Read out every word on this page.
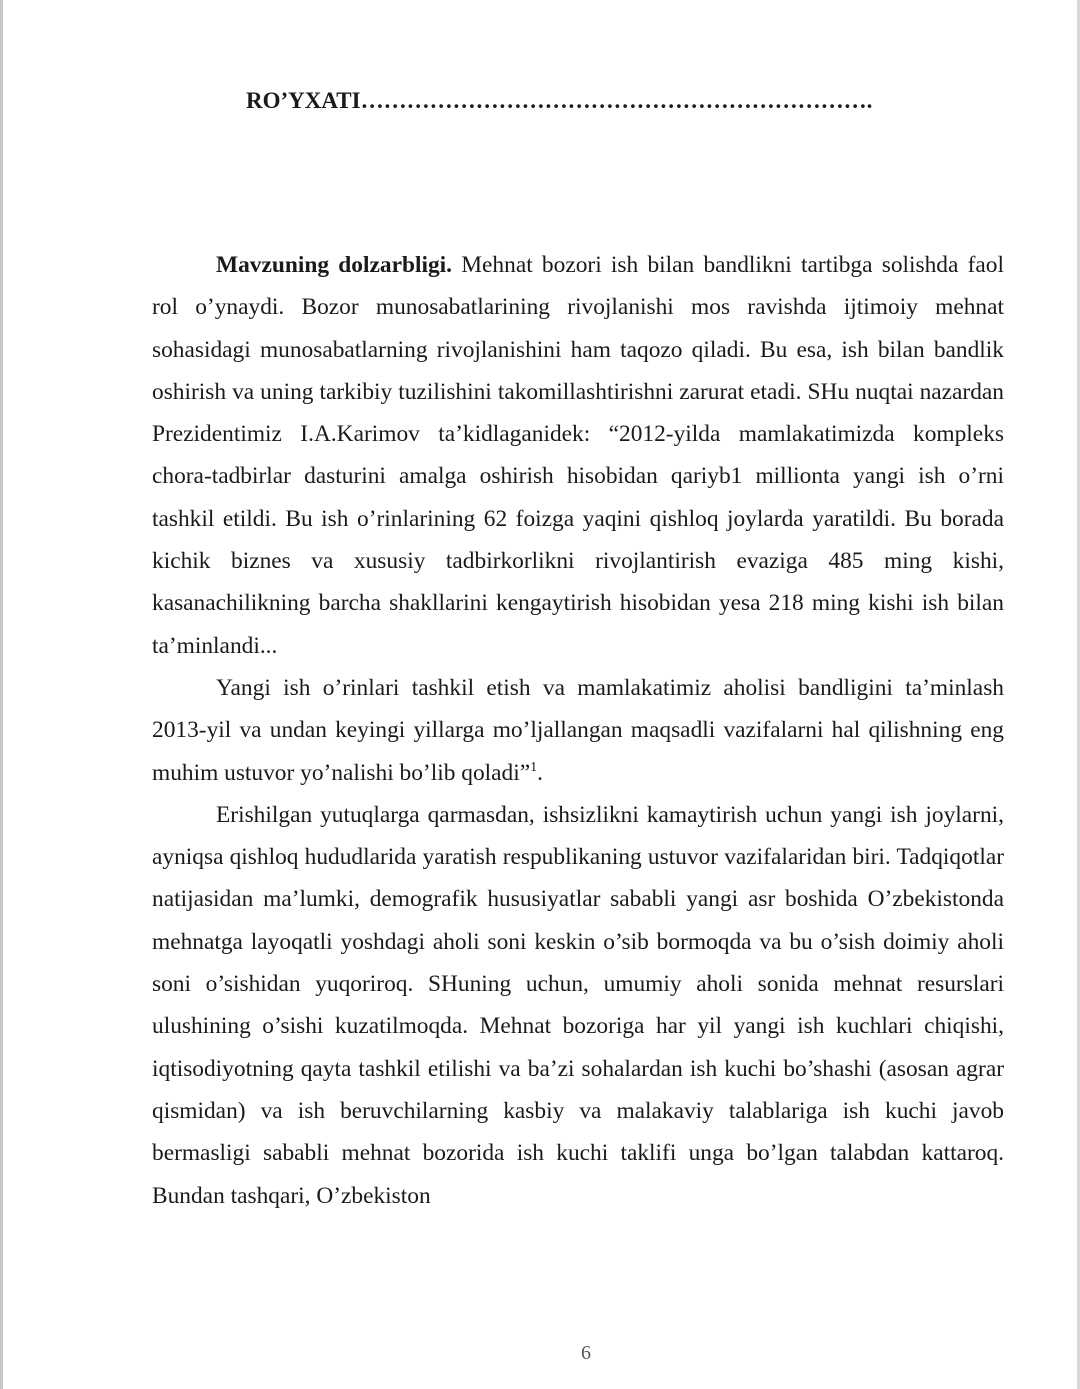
RO’YXATI………………………………………………………….

Mavzuning dolzarbligi. Mehnat bozori ish bilan bandlikni tartibga solishda faol rol o’ynaydi. Bozor munosabatlarining rivojlanishi mos ravishda ijtimoiy mehnat sohasidagi munosabatlarning rivojlanishini ham taqozo qiladi. Bu esa, ish bilan bandlik oshirish va uning tarkibiy tuzilishini takomillashtirishni zarurat etadi. SHu nuqtai nazardan Prezidentimiz I.A.Karimov ta’kidlaganidek: “2012-yilda mamlakatimizda kompleks chora-tadbirlar dasturini amalga oshirish hisobidan qariyb1 millionta yangi ish o’rni tashkil etildi. Bu ish o’rinlarining 62 foizga yaqini qishloq joylarda yaratildi. Bu borada kichik biznes va xususiy tadbirkorlikni rivojlantirish evaziga 485 ming kishi, kasanachilikning barcha shakllarini kengaytirish hisobidan yesa 218 ming kishi ish bilan ta’minlandi...

Yangi ish o’rinlari tashkil etish va mamlakatimiz aholisi bandligini ta’minlash 2013-yil va undan keyingi yillarga mo’ljallangan maqsadli vazifalarni hal qilishning eng muhim ustuvor yo’nalishi bo’lib qoladi”$^1$.

Erishilgan yutuqlarga qarmasdan, ishsizlikni kamaytirish uchun yangi ish joylarni, ayniqsa qishloq hududlarida yaratish respublikaning ustuvor vazifalaridan biri. Tadqiqotlar natijasidan ma’lumki, demografik hususiyatlar sababli yangi asr boshida O’zbekistonda mehnatga layoqatli yoshdagi aholi soni keskin o’sib bormoqda va bu o’sish doimiy aholi soni o’sishidan yuqoriroq. SHuning uchun, umumiy aholi sonida mehnat resurslari ulushining o’sishi kuzatilmoqda. Mehnat bozoriga har yil yangi ish kuchlari chiqishi, iqtisodiyotning qayta tashkil etilishi va ba’zi sohalardan ish kuchi bo’shashi (asosan agrar qismidan) va ish beruvchilarning kasbiy va malakaviy talablariga ish kuchi javob bermasligi sababli mehnat bozorida ish kuchi taklifi unga bo’lgan talabdan kattaroq. Bundan tashqari, O’zbekiston

6
